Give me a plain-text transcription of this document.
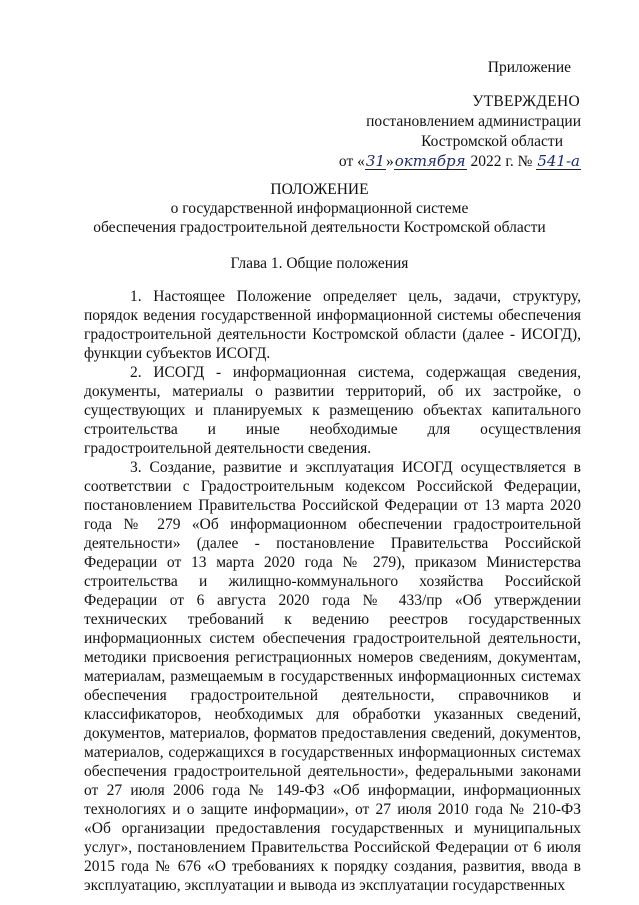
Приложение
УТВЕРЖДЕНО
постановлением администрации
Костромской области
от «31»октября 2022 г. № 541-а
ПОЛОЖЕНИЕ
о государственной информационной системе
обеспечения градостроительной деятельности Костромской области
Глава 1. Общие положения

1. Настоящее Положение определяет цель, задачи, структуру, порядок ведения государственной информационной системы обеспечения градостроительной деятельности Костромской области (далее - ИСОГД), функции субъектов ИСОГД.

2. ИСОГД - информационная система, содержащая сведения, документы, материалы о развитии территорий, об их застройке, о существующих и планируемых к размещению объектах капитального строительства и иные необходимые для осуществления градостроительной деятельности сведения.

3. Создание, развитие и эксплуатация ИСОГД осуществляется в соответствии с Градостроительным кодексом Российской Федерации, постановлением Правительства Российской Федерации от 13 марта 2020 года № 279 «Об информационном обеспечении градостроительной деятельности» (далее - постановление Правительства Российской Федерации от 13 марта 2020 года № 279), приказом Министерства строительства и жилищно-коммунального хозяйства Российской Федерации от 6 августа 2020 года № 433/пр «Об утверждении технических требований к ведению реестров государственных информационных систем обеспечения градостроительной деятельности, методики присвоения регистрационных номеров сведениям, документам, материалам, размещаемым в государственных информационных системах обеспечения градостроительной деятельности, справочников и классификаторов, необходимых для обработки указанных сведений, документов, материалов, форматов предоставления сведений, документов, материалов, содержащихся в государственных информационных системах обеспечения градостроительной деятельности», федеральными законами от 27 июля 2006 года № 149-ФЗ «Об информации, информационных технологиях и о защите информации», от 27 июля 2010 года № 210-ФЗ «Об организации предоставления государственных и муниципальных услуг», постановлением Правительства Российской Федерации от 6 июля 2015 года № 676 «О требованиях к порядку создания, развития, ввода в эксплуатацию, эксплуатации и вывода из эксплуатации государственных
